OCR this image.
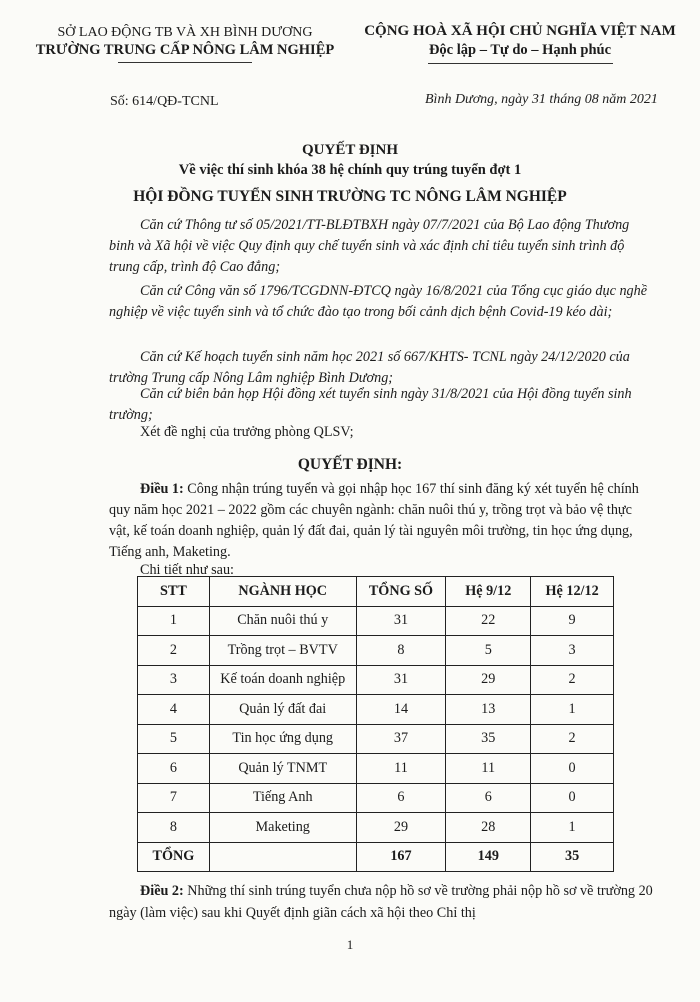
SỞ LAO ĐỘNG TB VÀ XH BÌNH DƯƠNG
TRƯỜNG TRUNG CẤP NÔNG LÂM NGHIỆP
CỘNG HOÀ XÃ HỘI CHỦ NGHĨA VIỆT NAM
Độc lập – Tự do – Hạnh phúc
Số: 614/QĐ-TCNL	Bình Dương, ngày 31 tháng 08 năm 2021
QUYẾT ĐỊNH
Về việc thí sinh khóa 38 hệ chính quy trúng tuyển đợt 1
HỘI ĐỒNG TUYỂN SINH TRƯỜNG TC NÔNG LÂM NGHIỆP
Căn cứ Thông tư số 05/2021/TT-BLĐTBXH ngày 07/7/2021 của Bộ Lao động Thương binh và Xã hội về việc Quy định quy chế tuyển sinh và xác định chỉ tiêu tuyển sinh trình độ trung cấp, trình độ Cao đẳng;
Căn cứ Công văn số 1796/TCGDNN-ĐTCQ ngày 16/8/2021 của Tổng cục giáo dục nghề nghiệp về việc tuyển sinh và tổ chức đào tạo trong bối cảnh dịch bệnh Covid-19 kéo dài;
Căn cứ Kế hoạch tuyển sinh năm học 2021 số 667/KHTS- TCNL ngày 24/12/2020 của trường Trung cấp Nông Lâm nghiệp Bình Dương;
Căn cứ biên bản họp Hội đồng xét tuyển sinh ngày 31/8/2021 của Hội đồng tuyển sinh trường;
Xét đề nghị của trưởng phòng QLSV;
QUYẾT ĐỊNH:
Điều 1: Công nhận trúng tuyển và gọi nhập học 167 thí sinh đăng ký xét tuyển hệ chính quy năm học 2021 – 2022 gồm các chuyên ngành: chăn nuôi thú y, trồng trọt và bảo vệ thực vật, kế toán doanh nghiệp, quản lý đất đai, quản lý tài nguyên môi trường, tin học ứng dụng, Tiếng anh, Maketing.
Chi tiết như sau:
STT	NGÀNH HỌC	TỔNG SỐ	Hệ 9/12	Hệ 12/12
1	Chăn nuôi thú y	31	22	9
2	Trồng trọt – BVTV	8	5	3
3	Kế toán doanh nghiệp	31	29	2
4	Quản lý đất đai	14	13	1
5	Tin học ứng dụng	37	35	2
6	Quản lý TNMT	11	11	0
7	Tiếng Anh	6	6	0
8	Maketing	29	28	1
TỔNG		167	149	35
Điều 2: Những thí sinh trúng tuyển chưa nộp hồ sơ về trường phải nộp hồ sơ về trường 20 ngày (làm việc) sau khi Quyết định giãn cách xã hội theo Chỉ thị
1
